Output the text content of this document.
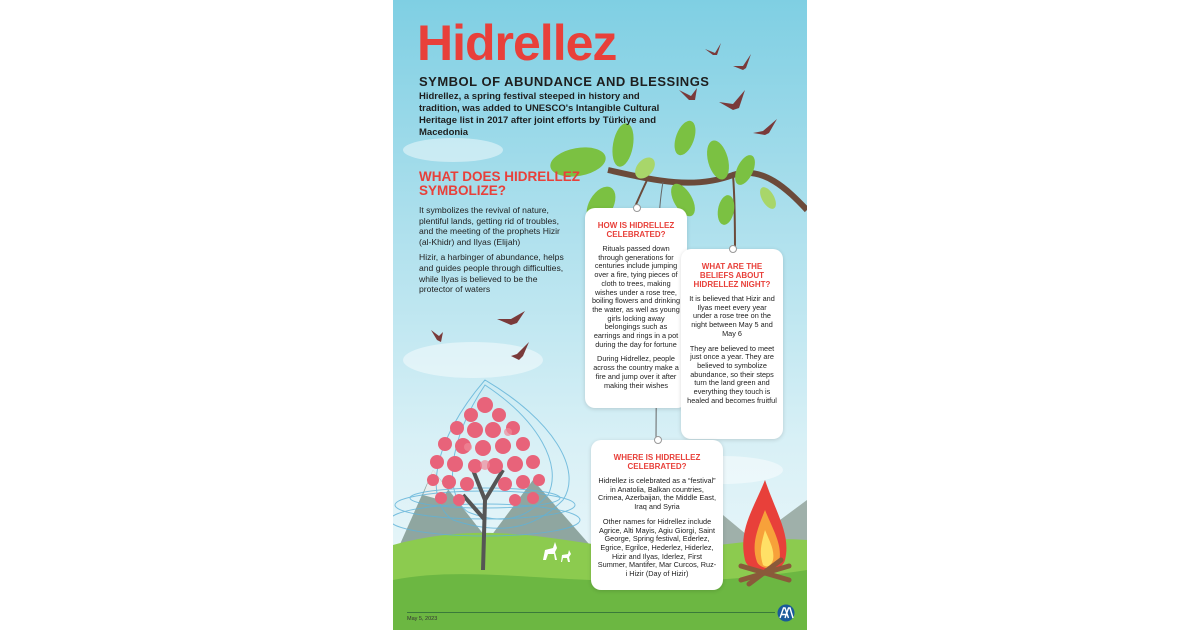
Hidrellez
SYMBOL OF ABUNDANCE AND BLESSINGS
Hidrellez, a spring festival steeped in history and tradition, was added to UNESCO's Intangible Cultural Heritage list in 2017 after joint efforts by Türkiye and Macedonia
WHAT DOES HIDRELLEZ SYMBOLIZE?

It symbolizes the revival of nature, plentiful lands, getting rid of troubles, and the meeting of the prophets Hizir (al-Khidr) and Ilyas (Elijah)

Hizir, a harbinger of abundance, helps and guides people through difficulties, while Ilyas is believed to be the protector of waters

HOW IS HIDRELLEZ CELEBRATED?

Rituals passed down through generations for centuries include jumping over a fire, tying pieces of cloth to trees, making wishes under a rose tree, boiling flowers and drinking the water, as well as young girls locking away belongings such as earrings and rings in a pot during the day for fortune

During Hidrellez, people across the country make a fire and jump over it after making their wishes

WHAT ARE THE BELIEFS ABOUT HIDRELLEZ NIGHT?

It is believed that Hizir and Ilyas meet every year under a rose tree on the night between May 5 and May 6

They are believed to meet just once a year. They are believed to symbolize abundance, so their steps turn the land green and everything they touch is healed and becomes fruitful

WHERE IS HIDRELLEZ CELEBRATED?

Hidrellez is celebrated as a “festival” in Anatolia, Balkan countries, Crimea, Azerbaijan, the Middle East, Iraq and Syria

Other names for Hidrellez include Agrice, Alti Mayis, Agiu Giorgi, Saint George, Spring festival, Ederlez, Egrice, Egrilce, Hederlez, Hiderlez, Hizir and Ilyas, Iderlez, First Summer, Mantifer, Mar Curcos, Ruz-i Hizir (Day of Hizir)

May 5, 2023
